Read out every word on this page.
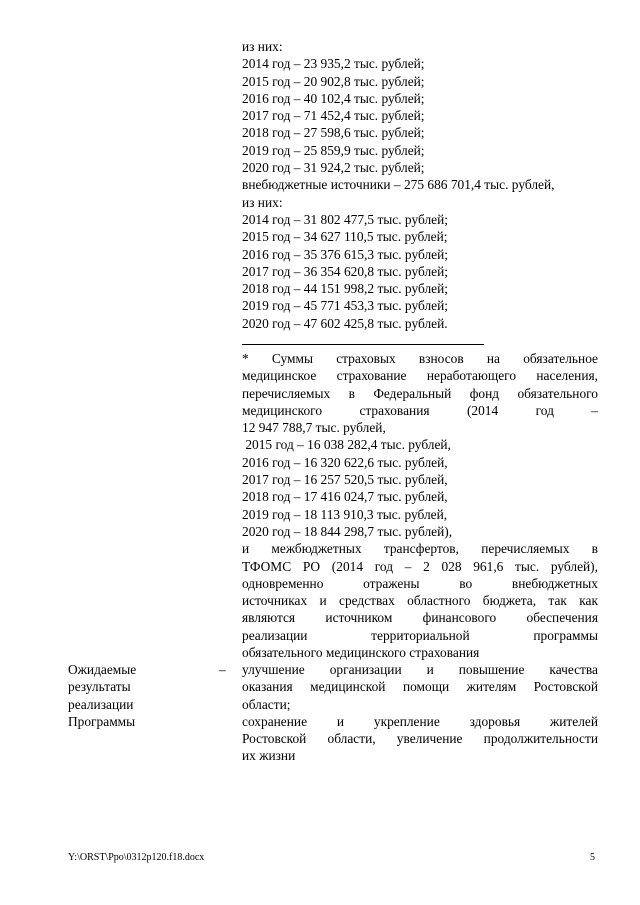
из них:
2014 год – 23 935,2 тыс. рублей;
2015 год – 20 902,8 тыс. рублей;
2016 год – 40 102,4 тыс. рублей;
2017 год – 71 452,4 тыс. рублей;
2018 год – 27 598,6 тыс. рублей;
2019 год – 25 859,9 тыс. рублей;
2020 год – 31 924,2 тыс. рублей;
внебюджетные источники – 275 686 701,4 тыс. рублей,
из них:
2014 год – 31 802 477,5 тыс. рублей;
2015 год – 34 627 110,5 тыс. рублей;
2016 год – 35 376 615,3 тыс. рублей;
2017 год – 36 354 620,8 тыс. рублей;
2018 год – 44 151 998,2 тыс. рублей;
2019 год – 45 771 453,3 тыс. рублей;
2020 год – 47 602 425,8 тыс. рублей.
* Суммы страховых взносов на обязательное
медицинское страхование неработающего населения,
перечисляемых в Федеральный фонд обязательного
медицинского страхования (2014 год –
12 947 788,7 тыс. рублей,
2015 год – 16 038 282,4 тыс. рублей,
2016 год – 16 320 622,6 тыс. рублей,
2017 год – 16 257 520,5 тыс. рублей,
2018 год – 17 416 024,7 тыс. рублей,
2019 год – 18 113 910,3 тыс. рублей,
2020 год – 18 844 298,7 тыс. рублей),
и межбюджетных трансфертов, перечисляемых в
ТФОМС РО (2014 год – 2 028 961,6 тыс. рублей),
одновременно отражены во внебюджетных
источниках и средствах областного бюджета, так как
являются источником финансового обеспечения
реализации территориальной программы
обязательного медицинского страхования
Ожидаемые
результаты
реализации
Программы
– улучшение организации и повышение качества
оказания медицинской помощи жителям Ростовской
области;
сохранение и укрепление здоровья жителей
Ростовской области, увеличение продолжительности
их жизни
Y:\ORST\Ppo\0312p120.f18.docx	5
